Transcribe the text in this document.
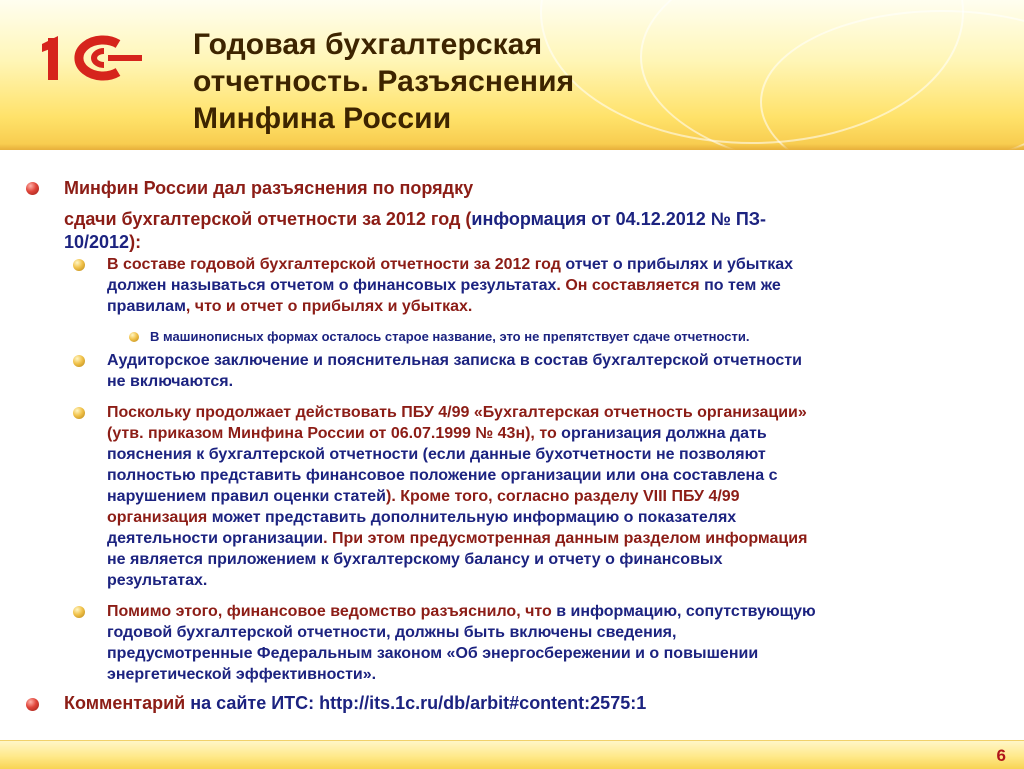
Годовая бухгалтерская
отчетность. Разъяснения
Минфина России
Минфин России дал разъяснения по порядку
сдачи бухгалтерской отчетности за 2012 год (информация от 04.12.2012 № ПЗ-
10/2012):
В составе годовой бухгалтерской отчетности за 2012 год отчет о прибылях и убытках
должен называться отчетом о финансовых результатах. Он составляется по тем же
правилам, что и отчет о прибылях и убытках.
В машинописных формах осталось старое название, это не препятствует сдаче отчетности.
Аудиторское заключение и пояснительная записка в состав бухгалтерской отчетности
не включаются.
Поскольку продолжает действовать ПБУ 4/99 «Бухгалтерская отчетность организации»
(утв. приказом Минфина России от 06.07.1999 № 43н), то организация должна дать
пояснения к бухгалтерской отчетности (если данные бухотчетности не позволяют
полностью представить финансовое положение организации или она составлена с
нарушением правил оценки статей). Кроме того, согласно разделу VIII ПБУ 4/99
организация может представить дополнительную информацию о показателях
деятельности организации. При этом предусмотренная данным разделом информация
не является приложением к бухгалтерскому балансу и отчету о финансовых
результатах.
Помимо этого, финансовое ведомство разъяснило, что в информацию, сопутствующую
годовой бухгалтерской отчетности, должны быть включены сведения,
предусмотренные Федеральным законом «Об энергосбережении и о повышении
энергетической эффективности».
Комментарий на сайте ИТС: http://its.1c.ru/db/arbit#content:2575:1
6
